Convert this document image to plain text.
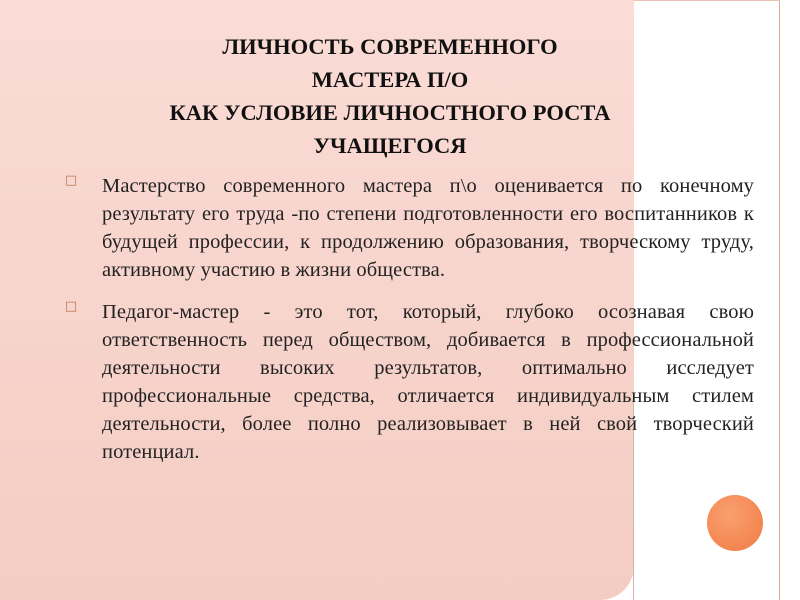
ЛИЧНОСТЬ СОВРЕМЕННОГО
МАСТЕРА П/О
КАК УСЛОВИЕ ЛИЧНОСТНОГО РОСТА
УЧАЩЕГОСЯ
□ Мастерство современного мастера п\о оценивается по конечному результату его труда -по степени подготовленности его воспитанников к будущей профессии, к продолжению образования, творческому труду, активному участию в жизни общества.
□ Педагог-мастер - это тот, который, глубоко осознавая свою ответственность перед обществом, добивается в профессиональной деятельности высоких результатов, оптимально исследует профессиональные средства, отличается индивидуальным стилем деятельности, более полно реализовывает в ней свой творческий потенциал.
